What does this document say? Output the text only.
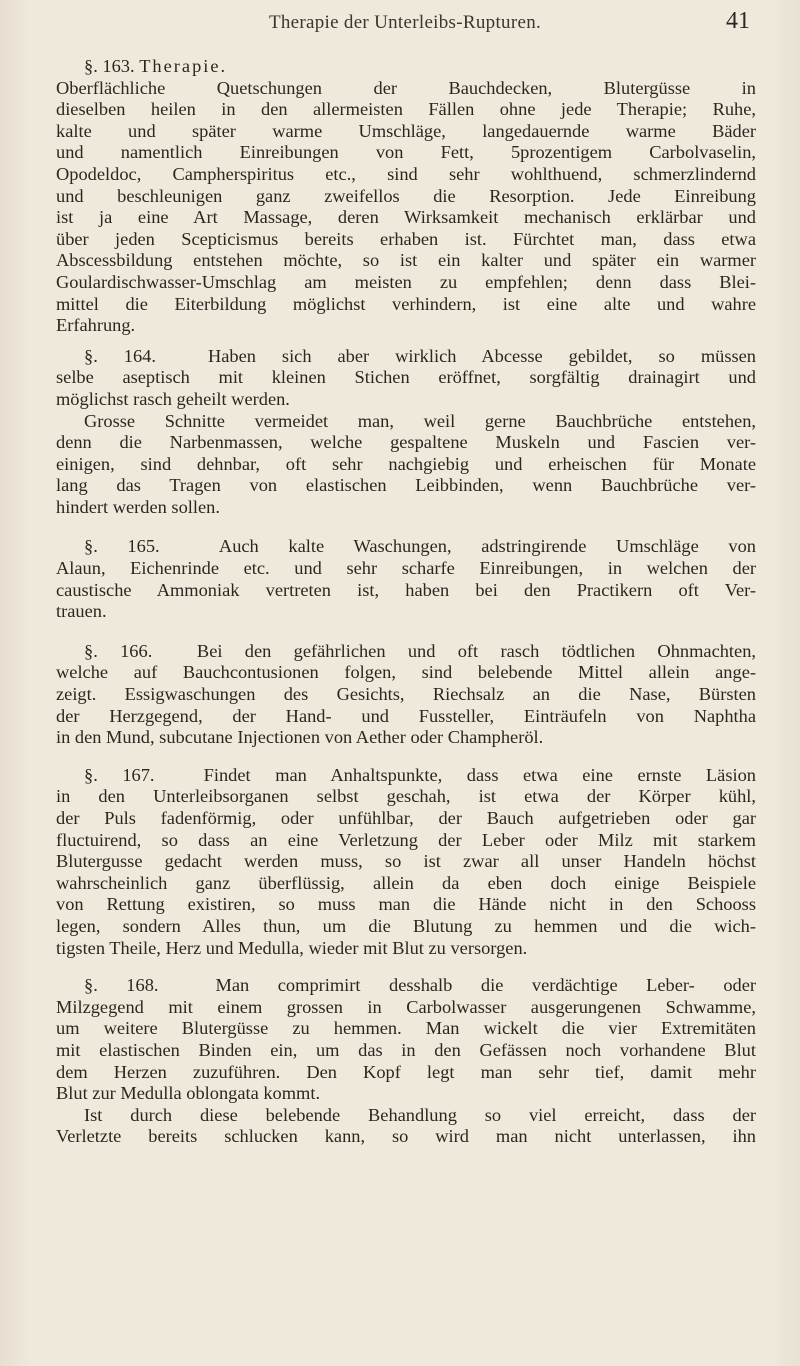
Therapie der Unterleibs-Rupturen.	41
§. 163. Therapie.
Oberflächliche Quetschungen der Bauchdecken, Blutergüsse in
dieselben heilen in den allermeisten Fällen ohne jede Therapie; Ruhe,
kalte und später warme Umschläge, langedauernde warme Bäder
und namentlich Einreibungen von Fett, 5prozentigem Carbolvaselin,
Opodeldoc, Campherspiritus etc., sind sehr wohlthuend, schmerzlindernd
und beschleunigen ganz zweifellos die Resorption. Jede Einreibung
ist ja eine Art Massage, deren Wirksamkeit mechanisch erklärbar und
über jeden Scepticismus bereits erhaben ist. Fürchtet man, dass etwa
Abscessbildung entstehen möchte, so ist ein kalter und später ein warmer
Goulardischwasser-Umschlag am meisten zu empfehlen; denn dass Blei-
mittel die Eiterbildung möglichst verhindern, ist eine alte und wahre
Erfahrung.
§. 164.	Haben sich aber wirklich Abcesse gebildet, so müssen
selbe aseptisch mit kleinen Stichen eröffnet, sorgfältig drainagirt und
möglichst rasch geheilt werden.
Grosse Schnitte vermeidet man, weil gerne Bauchbrüche entstehen,
denn die Narbenmassen, welche gespaltene Muskeln und Fascien ver-
einigen, sind dehnbar, oft sehr nachgiebig und erheischen für Monate
lang das Tragen von elastischen Leibbinden, wenn Bauchbrüche ver-
hindert werden sollen.
§. 165.	Auch kalte Waschungen, adstringirende Umschläge von
Alaun, Eichenrinde etc. und sehr scharfe Einreibungen, in welchen der
caustische Ammoniak vertreten ist, haben bei den Practikern oft Ver-
trauen.
§. 166. Bei den gefährlichen und oft rasch tödtlichen Ohnmachten,
welche auf Bauchcontusionen folgen, sind belebende Mittel allein ange-
zeigt. Essigwaschungen des Gesichts, Riechsalz an die Nase, Bürsten
der Herzgegend, der Hand- und Fussteller, Einträufeln von Naphtha
in den Mund, subcutane Injectionen von Aether oder Champheröl.
§. 167.	Findet man Anhaltspunkte, dass etwa eine ernste Läsion
in den Unterleibsorganen selbst geschah, ist etwa der Körper kühl,
der Puls fadenförmig, oder unfühlbar, der Bauch aufgetrieben oder gar
fluctuirend, so dass an eine Verletzung der Leber oder Milz mit starkem
Blutergusse gedacht werden muss, so ist zwar all unser Handeln höchst
wahrscheinlich ganz überflüssig, allein da eben doch einige Beispiele
von Rettung existiren, so muss man die Hände nicht in den Schooss
legen, sondern Alles thun, um die Blutung zu hemmen und die wich-
tigsten Theile, Herz und Medulla, wieder mit Blut zu versorgen.
§. 168.	Man comprimirt desshalb die verdächtige Leber- oder
Milzgegend mit einem grossen in Carbolwasser ausgerungenen Schwamme,
um weitere Blutergüsse zu hemmen. Man wickelt die vier Extremitäten
mit elastischen Binden ein, um das in den Gefässen noch vorhandene Blut
dem Herzen zuzuführen. Den Kopf legt man sehr tief, damit mehr
Blut zur Medulla oblongata kommt.
Ist durch diese belebende Behandlung so viel erreicht, dass der
Verletzte bereits schlucken kann, so wird man nicht unterlassen, ihn
